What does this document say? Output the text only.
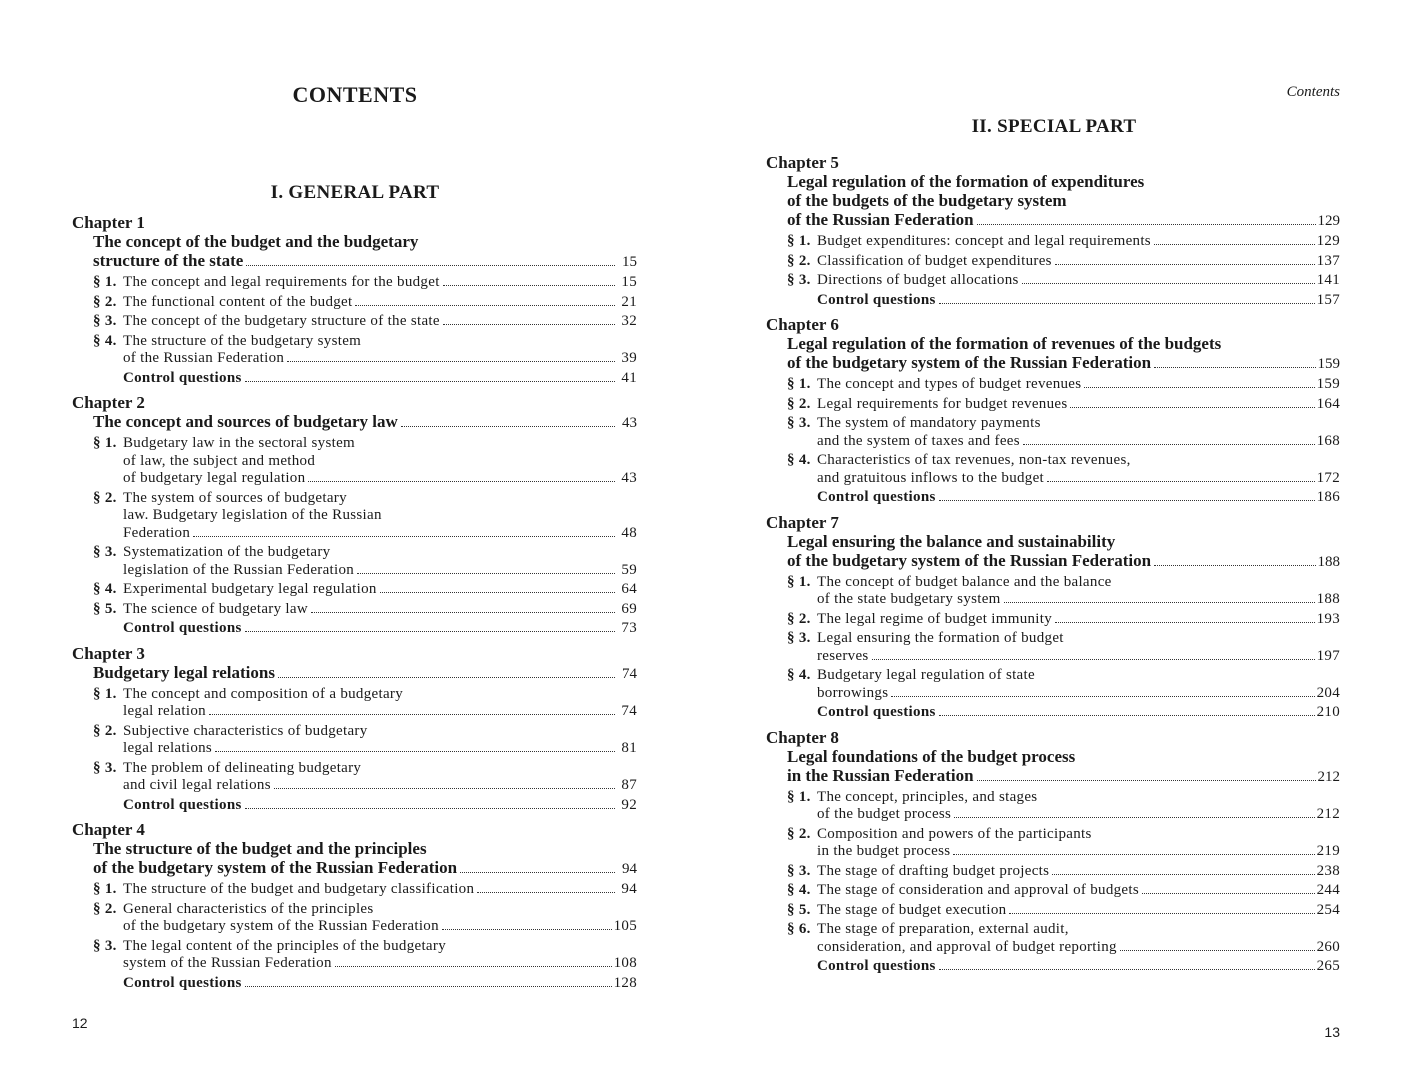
CONTENTS
I. GENERAL PART
Chapter 1
The concept of the budget and the budgetary
structure of the state	15
§ 1. The concept and legal requirements for the budget	15
§ 2. The functional content of the budget	21
§ 3. The concept of the budgetary structure of the state	32
§ 4. The structure of the budgetary system
of the Russian Federation	39
Control questions	41
Chapter 2
The concept and sources of budgetary law	43
§ 1. Budgetary law in the sectoral system
of law, the subject and method
of budgetary legal regulation	43
§ 2. The system of sources of budgetary
law. Budgetary legislation of the Russian
Federation	48
§ 3. Systematization of the budgetary
legislation of the Russian Federation	59
§ 4. Experimental budgetary legal regulation	64
§ 5. The science of budgetary law	69
Control questions	73
Chapter 3
Budgetary legal relations	74
§ 1. The concept and composition of a budgetary
legal relation	74
§ 2. Subjective characteristics of budgetary
legal relations	81
§ 3. The problem of delineating budgetary
and civil legal relations	87
Control questions	92
Chapter 4
The structure of the budget and the principles
of the budgetary system of the Russian Federation	94
§ 1. The structure of the budget and budgetary classification	94
§ 2. General characteristics of the principles
of the budgetary system of the Russian Federation	105
§ 3. The legal content of the principles of the budgetary
system of the Russian Federation	108
Control questions	128
12
Contents
II. SPECIAL PART
Chapter 5
Legal regulation of the formation of expenditures
of the budgets of the budgetary system
of the Russian Federation	129
§ 1. Budget expenditures: concept and legal requirements	129
§ 2. Classification of budget expenditures	137
§ 3. Directions of budget allocations	141
Control questions	157
Chapter 6
Legal regulation of the formation of revenues of the budgets
of the budgetary system of the Russian Federation	159
§ 1. The concept and types of budget revenues	159
§ 2. Legal requirements for budget revenues	164
§ 3. The system of mandatory payments
and the system of taxes and fees	168
§ 4. Characteristics of tax revenues, non-tax revenues,
and gratuitous inflows to the budget	172
Control questions	186
Chapter 7
Legal ensuring the balance and sustainability
of the budgetary system of the Russian Federation	188
§ 1. The concept of budget balance and the balance
of the state budgetary system	188
§ 2. The legal regime of budget immunity	193
§ 3. Legal ensuring the formation of budget
reserves	197
§ 4. Budgetary legal regulation of state
borrowings	204
Control questions	210
Chapter 8
Legal foundations of the budget process
in the Russian Federation	212
§ 1. The concept, principles, and stages
of the budget process	212
§ 2. Composition and powers of the participants
in the budget process	219
§ 3. The stage of drafting budget projects	238
§ 4. The stage of consideration and approval of budgets	244
§ 5. The stage of budget execution	254
§ 6. The stage of preparation, external audit,
consideration, and approval of budget reporting	260
Control questions	265
13
